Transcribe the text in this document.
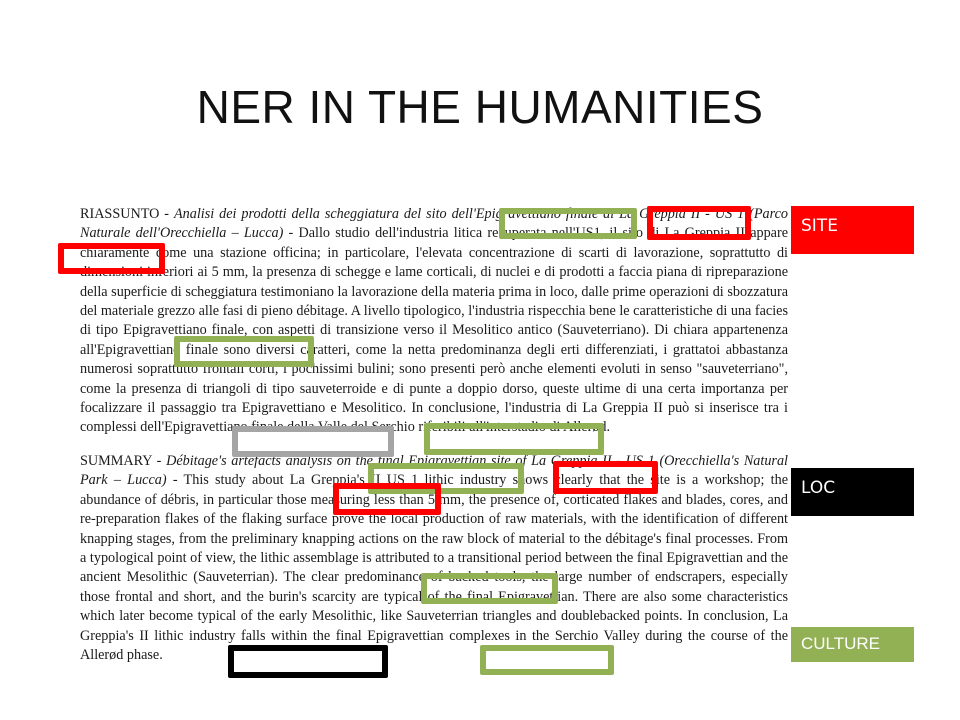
NER IN THE HUMANITIES

RIASSUNTO - Analisi dei prodotti della scheggiatura del sito dell'Epigravettiano finale di La Greppia II - US 1 (Parco Naturale dell'Orecchiella – Lucca) - Dallo studio dell'industria litica recuperata nell'US1, il sito di La Greppia II appare chiaramente come una stazione officina; in particolare, l'elevata concentrazione di scarti di lavorazione, soprattutto di dimensioni inferiori ai 5 mm, la presenza di schegge e lame corticali, di nuclei e di prodotti a faccia piana di ripreparazione della superficie di scheggiatura testimoniano la lavorazione della materia prima in loco, dalle prime operazioni di sbozzatura del materiale grezzo alle fasi di pieno débitage. A livello tipologico, l'industria rispecchia bene le caratteristiche di una facies di tipo Epigravettiano finale, con aspetti di transizione verso il Mesolitico antico (Sauveterriano). Di chiara appartenenza all'Epigravettiano finale sono diversi caratteri, come la netta predominanza degli erti differenziati, i grattatoi abbastanza numerosi soprattutto frontali corti, i pochissimi bulini; sono presenti però anche elementi evoluti in senso "sauveterriano", come la presenza di triangoli di tipo sauveterroide e di punte a doppio dorso, queste ultime di una certa importanza per focalizzare il passaggio tra Epigravettiano e Mesolitico. In conclusione, l'industria di La Greppia II può si inserisce tra i complessi dell'Epigravettiano finale della Valle del Serchio riferibili all'interstadio di Allerød.

SUMMARY - Débitage's artefacts analysis on the final Epigravettian site of La Greppia II - US 1 (Orecchiella's Natural Park – Lucca) - This study about La Greppia's II US 1 lithic industry shows clearly that the site is a workshop; the abundance of débris, in particular those measuring less than 5 mm, the presence of, corticated flakes and blades, cores, and re-preparation flakes of the flaking surface prove the local production of raw materials, with the identification of different knapping stages, from the preliminary knapping actions on the raw block of material to the débitage's final processes. From a typological point of view, the lithic assemblage is attributed to a transitional period between the final Epigravettian and the ancient Mesolithic (Sauveterrian). The clear predominance of backed tools, the large number of endscrapers, especially those frontal and short, and the burin's scarcity are typical of the final Epigravettian. There are also some characteristics which later become typical of the early Mesolithic, like Sauveterrian triangles and doublebacked points. In conclusion, La Greppia's II lithic industry falls within the final Epigravettian complexes in the Serchio Valley during the course of the Allerød phase.

SITE
LOC
CULTURE
